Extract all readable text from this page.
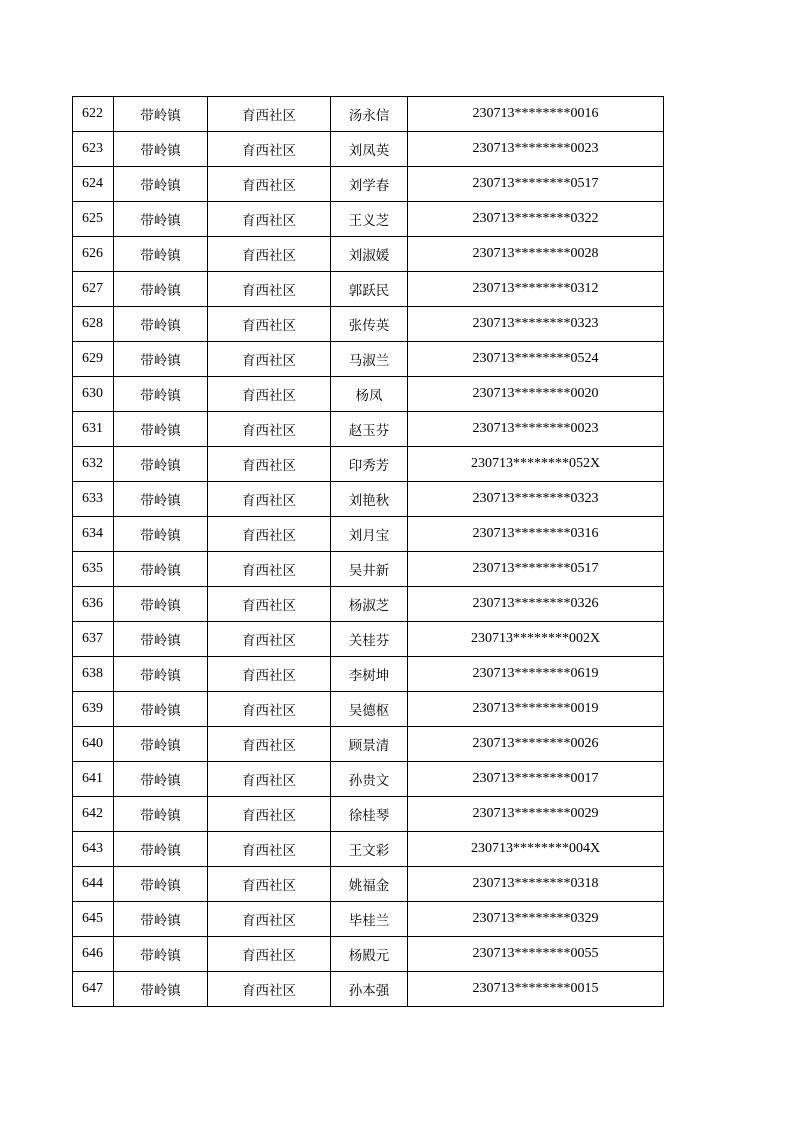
622	带岭镇	育西社区	汤永信	230713********0016
623	带岭镇	育西社区	刘凤英	230713********0023
624	带岭镇	育西社区	刘学春	230713********0517
625	带岭镇	育西社区	王义芝	230713********0322
626	带岭镇	育西社区	刘淑媛	230713********0028
627	带岭镇	育西社区	郭跃民	230713********0312
628	带岭镇	育西社区	张传英	230713********0323
629	带岭镇	育西社区	马淑兰	230713********0524
630	带岭镇	育西社区	杨凤	230713********0020
631	带岭镇	育西社区	赵玉芬	230713********0023
632	带岭镇	育西社区	印秀芳	230713********052X
633	带岭镇	育西社区	刘艳秋	230713********0323
634	带岭镇	育西社区	刘月宝	230713********0316
635	带岭镇	育西社区	吴井新	230713********0517
636	带岭镇	育西社区	杨淑芝	230713********0326
637	带岭镇	育西社区	关桂芬	230713********002X
638	带岭镇	育西社区	李树坤	230713********0619
639	带岭镇	育西社区	吴德枢	230713********0019
640	带岭镇	育西社区	顾景清	230713********0026
641	带岭镇	育西社区	孙贵文	230713********0017
642	带岭镇	育西社区	徐桂琴	230713********0029
643	带岭镇	育西社区	王文彩	230713********004X
644	带岭镇	育西社区	姚福金	230713********0318
645	带岭镇	育西社区	毕桂兰	230713********0329
646	带岭镇	育西社区	杨殿元	230713********0055
647	带岭镇	育西社区	孙本强	230713********0015
